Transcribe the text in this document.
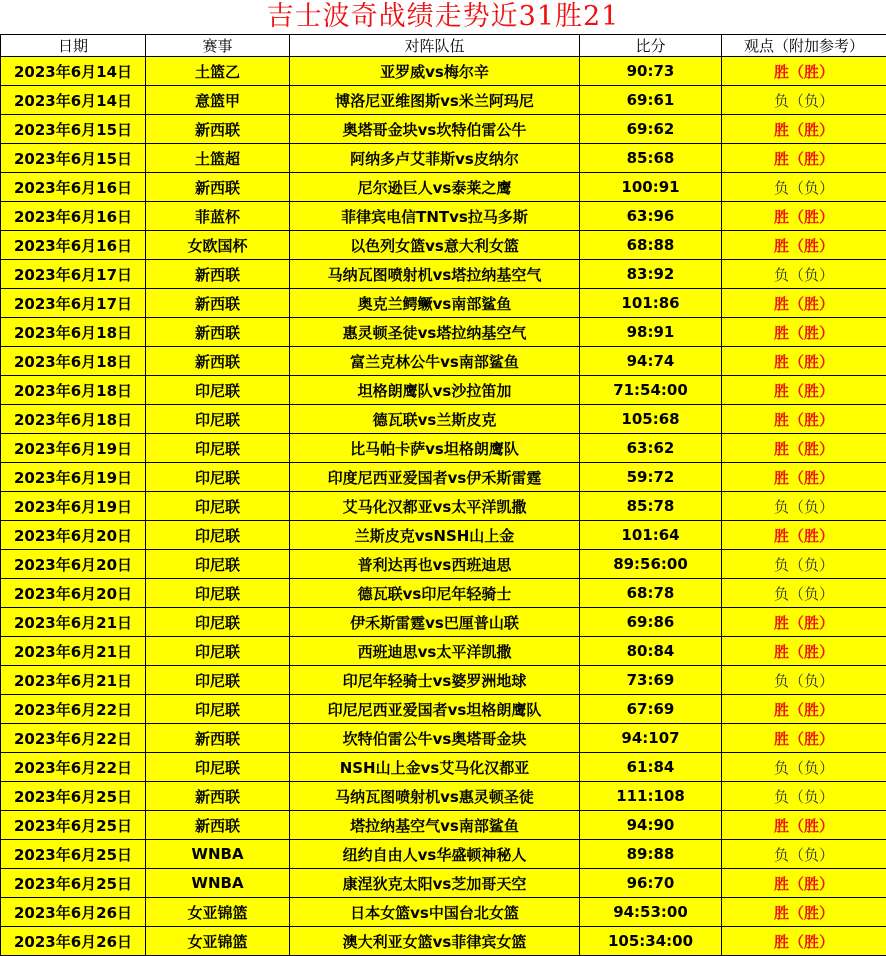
吉士波奇战绩走势近31胜21
日期	赛事	对阵队伍	比分	观点（附加参考）
2023年6月14日	土篮乙	亚罗威vs梅尔辛	90:73	胜（胜）
2023年6月14日	意篮甲	博洛尼亚维图斯vs米兰阿玛尼	69:61	负（负）
2023年6月15日	新西联	奥塔哥金块vs坎特伯雷公牛	69:62	胜（胜）
2023年6月15日	土篮超	阿纳多卢艾菲斯vs皮纳尔	85:68	胜（胜）
2023年6月16日	新西联	尼尔逊巨人vs泰莱之鹰	100:91	负（负）
2023年6月16日	菲蓝杯	菲律宾电信TNTvs拉马多斯	63:96	胜（胜）
2023年6月16日	女欧国杯	以色列女篮vs意大利女篮	68:88	胜（胜）
2023年6月17日	新西联	马纳瓦图喷射机vs塔拉纳基空气	83:92	负（负）
2023年6月17日	新西联	奥克兰鳄鳜vs南部鲨鱼	101:86	胜（胜）
2023年6月18日	新西联	惠灵顿圣徒vs塔拉纳基空气	98:91	胜（胜）
2023年6月18日	新西联	富兰克林公牛vs南部鲨鱼	94:74	胜（胜）
2023年6月18日	印尼联	坦格朗鹰队vs沙拉笛加	71:54:00	胜（胜）
2023年6月18日	印尼联	德瓦联vs兰斯皮克	105:68	胜（胜）
2023年6月19日	印尼联	比马帕卡萨vs坦格朗鹰队	63:62	胜（胜）
2023年6月19日	印尼联	印度尼西亚爱国者vs伊禾斯雷霆	59:72	胜（胜）
2023年6月19日	印尼联	艾马化汉都亚vs太平洋凯撒	85:78	负（负）
2023年6月20日	印尼联	兰斯皮克vsNSH山上金	101:64	胜（胜）
2023年6月20日	印尼联	普利达再也vs西班迪思	89:56:00	负（负）
2023年6月20日	印尼联	德瓦联vs印尼年轻骑士	68:78	负（负）
2023年6月21日	印尼联	伊禾斯雷霆vs巴厘普山联	69:86	胜（胜）
2023年6月21日	印尼联	西班迪思vs太平洋凯撒	80:84	胜（胜）
2023年6月21日	印尼联	印尼年轻骑士vs婆罗洲地球	73:69	负（负）
2023年6月22日	印尼联	印尼尼西亚爱国者vs坦格朗鹰队	67:69	胜（胜）
2023年6月22日	新西联	坎特伯雷公牛vs奥塔哥金块	94:107	胜（胜）
2023年6月22日	印尼联	NSH山上金vs艾马化汉都亚	61:84	负（负）
2023年6月25日	新西联	马纳瓦图喷射机vs惠灵顿圣徒	111:108	负（负）
2023年6月25日	新西联	塔拉纳基空气vs南部鲨鱼	94:90	胜（胜）
2023年6月25日	WNBA	纽约自由人vs华盛顿神秘人	89:88	负（负）
2023年6月25日	WNBA	康涅狄克太阳vs芝加哥天空	96:70	胜（胜）
2023年6月26日	女亚锦篮	日本女篮vs中国台北女篮	94:53:00	胜（胜）
2023年6月26日	女亚锦篮	澳大利亚女篮vs菲律宾女篮	105:34:00	胜（胜）
